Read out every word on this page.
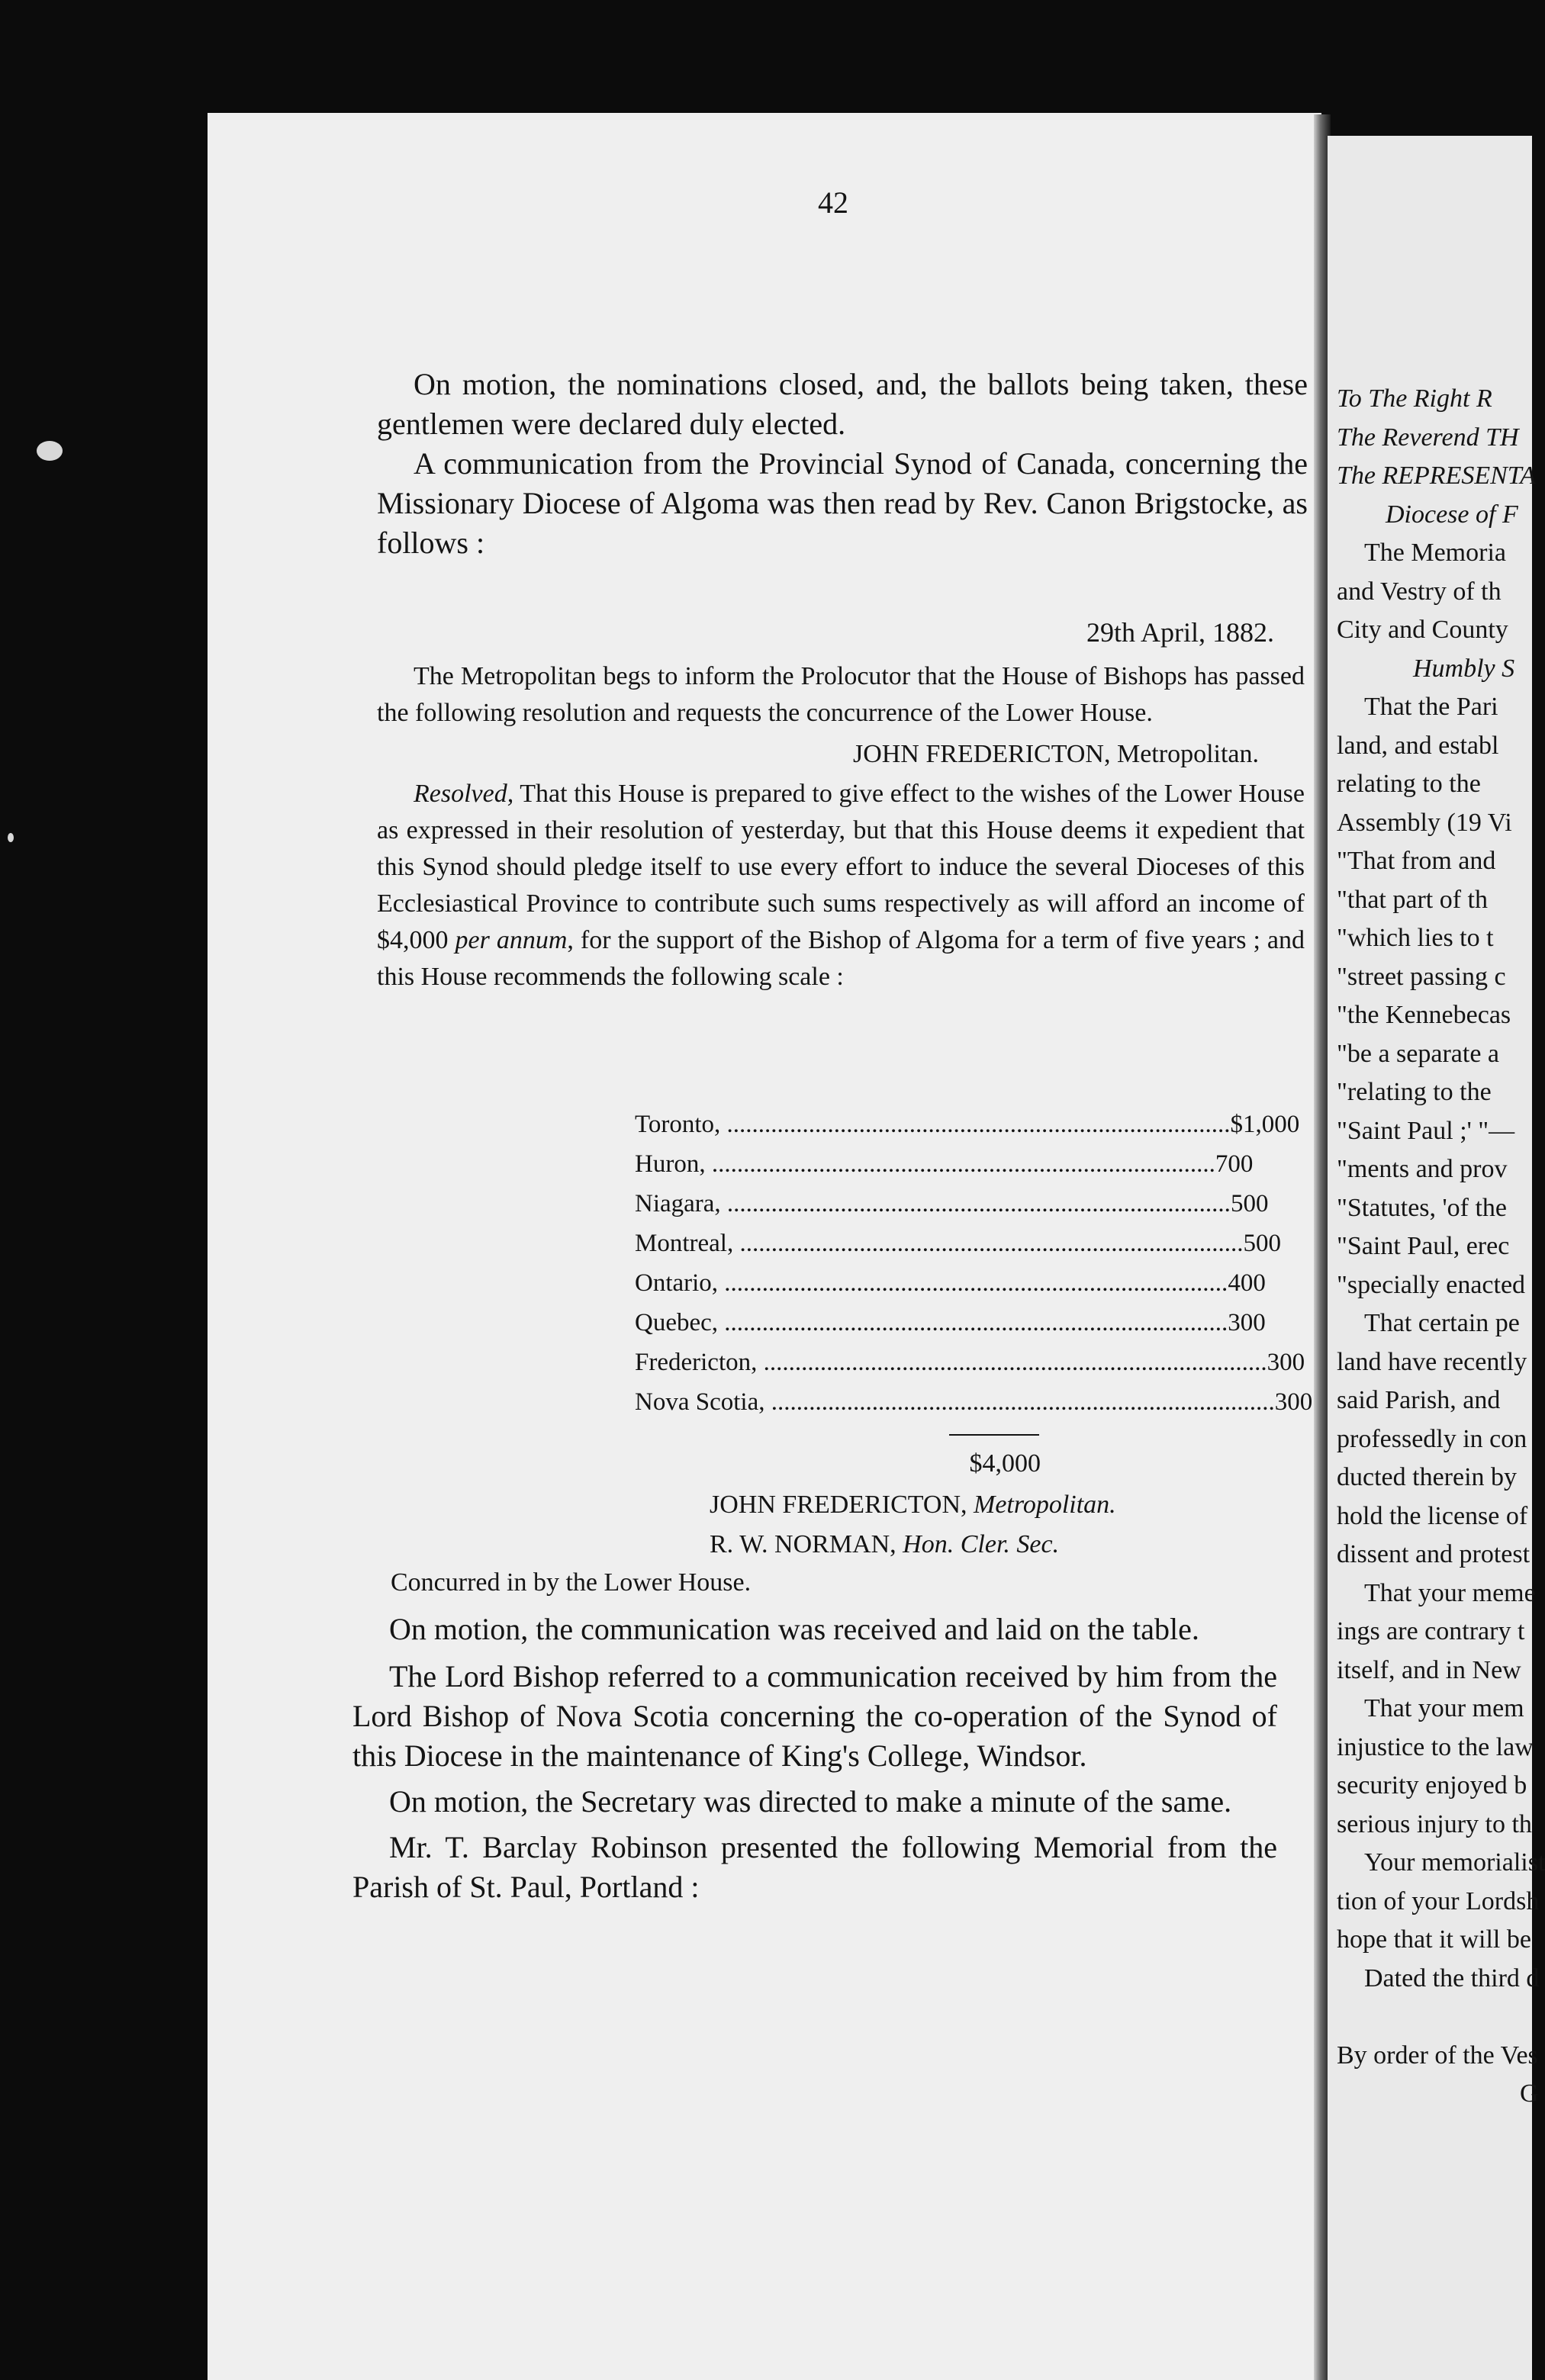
42

On motion, the nominations closed, and, the ballots being taken, these gentlemen were declared duly elected.

A communication from the Provincial Synod of Canada, concerning the Missionary Diocese of Algoma was then read by Rev. Canon Brigstocke, as follows :

29th April, 1882.

The Metropolitan begs to inform the Prolocutor that the House of Bishops has passed the following resolution and requests the concurrence of the Lower House.

JOHN FREDERICTON, Metropolitan.

Resolved, That this House is prepared to give effect to the wishes of the Lower House as expressed in their resolution of yesterday, but that this House deems it expedient that this Synod should pledge itself to use every effort to induce the several Dioceses of this Ecclesiastical Province to contribute such sums respectively as will afford an income of $4,000 per annum, for the support of the Bishop of Algoma for a term of five years ; and this House recommends the following scale :

Toronto, ................................................................................ $1,000
Huron, ................................................................................ 700
Niagara, ................................................................................ 500
Montreal, ................................................................................ 500
Ontario, ................................................................................ 400
Quebec, ................................................................................ 300
Fredericton, ................................................................................ 300
Nova Scotia, ................................................................................ 300
$4,000
JOHN FREDERICTON, Metropolitan.
R. W. NORMAN, Hon. Cler. Sec.
Concurred in by the Lower House.

On motion, the communication was received and laid on the table.

The Lord Bishop referred to a communication received by him from the Lord Bishop of Nova Scotia concerning the co-operation of the Synod of this Diocese in the maintenance of King's College, Windsor.

On motion, the Secretary was directed to make a minute of the same.

Mr. T. Barclay Robinson presented the following Memorial from the Parish of St. Paul, Portland :

To The Right R

The Reverend TH

The REPRESENTA

Diocese of F

The Memoria

and Vestry of th

City and County

Humbly S

That the Pari

land, and establ

relating to the

Assembly (19 Vi

"That from and

"that part of th

"which lies to t

"street passing c

"the Kennebecas

"be a separate a

"relating to the

"Saint Paul ;' "—

"ments and prov

"Statutes, 'of the

"Saint Paul, erec

"specially enacted

That certain pe

land have recently

said Parish, and

professedly in con

ducted therein by

hold the license of

dissent and protest

That your meme

ings are contrary t

itself, and in New

That your mem

injustice to the law

security enjoyed b

serious injury to th

Your memorialist

tion of your Lordsh

hope that it will be

Dated the third d

By order of the Ves

G
